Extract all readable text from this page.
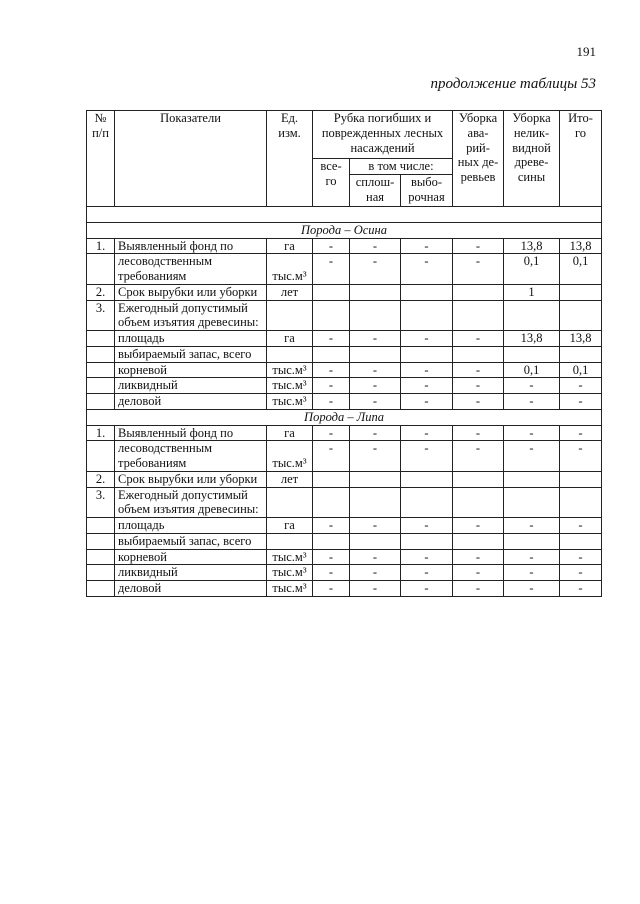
191
продолжение таблицы 53
№ п/п	Показатели	Ед. изм.	Рубка погибших и поврежденных лесных насаждений			Уборка ава-рий-ных де-ревьев	Уборка нелик-видной древе-сины	Ито-го
			все-го	в том числе:				
				сплош-ная	выбо-рочная			

Порода – Осина								
1.	Выявленный фонд по	га	-	-	-	-	13,8	13,8
	лесоводственным требованиям	тыс.м³	-	-	-	-	0,1	0,1
2.	Срок вырубки или уборки	лет					1	
3.	Ежегодный допустимый объем изъятия древесины:							
	площадь	га	-	-	-	-	13,8	13,8
	выбираемый запас, всего							
	корневой	тыс.м³	-	-	-	-	0,1	0,1
	ликвидный	тыс.м³	-	-	-	-	-	-
	деловой	тыс.м³	-	-	-	-	-	-
Порода – Липа								
1.	Выявленный фонд по	га	-	-	-	-	-	-
	лесоводственным требованиям	тыс.м³	-	-	-	-	-	-
2.	Срок вырубки или уборки	лет						
3.	Ежегодный допустимый объем изъятия древесины:							
	площадь	га	-	-	-	-	-	-
	выбираемый запас, всего							
	корневой	тыс.м³	-	-	-	-	-	-
	ликвидный	тыс.м³	-	-	-	-	-	-
	деловой	тыс.м³	-	-	-	-	-	-
